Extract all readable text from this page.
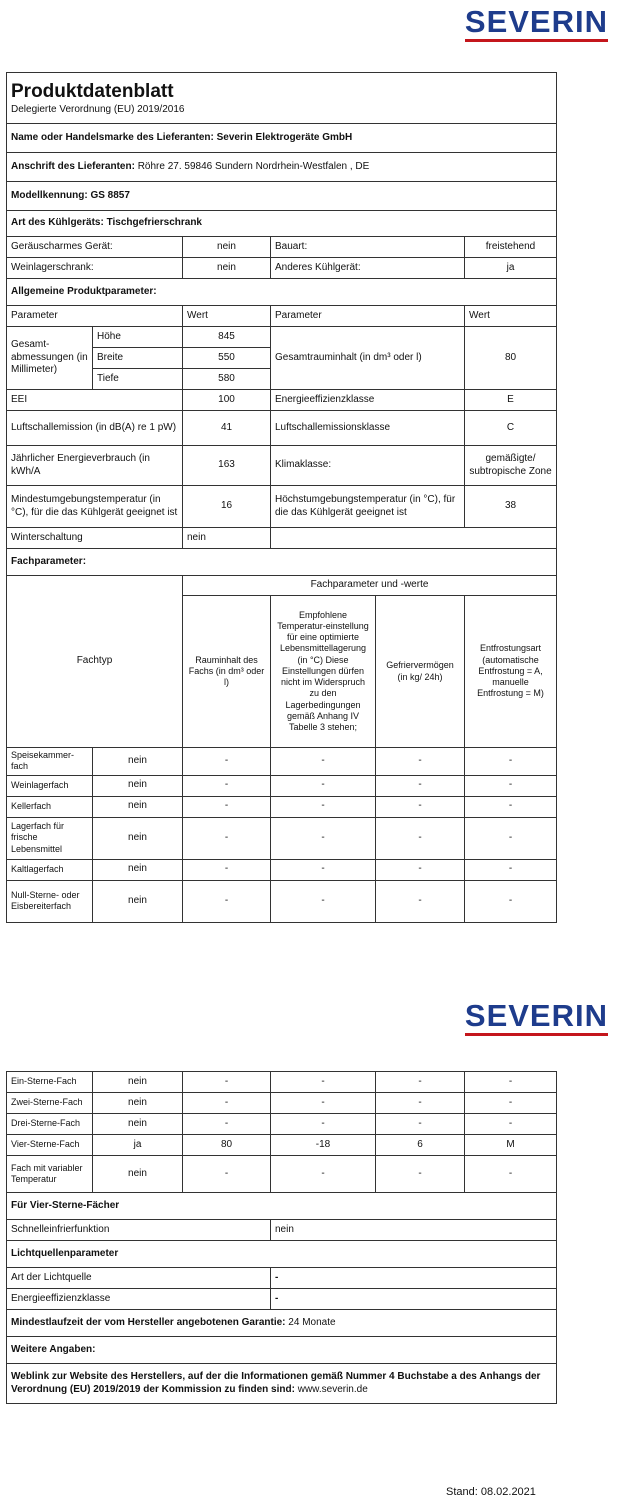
SEVERIN
Produktdatenblatt
Delegierte Verordnung (EU) 2019/2016					

Name oder Handelsmarke des Lieferanten: Severin Elektrogeräte GmbH					
Anschrift des Lieferanten: Röhre 27. 59846 Sundern Nordrhein-Westfalen , DE					
Modellkennung: GS 8857					
Art des Kühlgeräts: Tischgefrierschrank					
Geräuscharmes Gerät:		nein	Bauart:		freistehend
Weinlagerschrank:		nein	Anderes Kühlgerät:		ja
Allgemeine Produktparameter:					
Parameter		Wert	Parameter		Wert
Gesamt-abmessungen (in Millimeter)	Höhe	845	Gesamtrauminhalt (in dm³ oder l)		80
	Breite	550			
	Tiefe	580			
EEI		100	Energieeffizienzklasse		E
Luftschallemission (in dB(A) re 1 pW)		41	Luftschallemissionsklasse		C
Jährlicher Energieverbrauch (in kWh/A		163	Klimaklasse:		gemäßigte/ subtropische Zone
Mindestumgebungstemperatur (in °C), für die das Kühlgerät geeignet ist		16	Höchstumgebungstemperatur (in °C), für die das Kühlgerät geeignet ist		38
Winterschaltung		nein			
Fachparameter:					
Fachtyp		Fachparameter und -werte			
		Rauminhalt des Fachs (in dm³ oder l)	Empfohlene Temperatur-einstellung für eine optimierte Lebensmittellagerung (in °C) Diese Einstellungen dürfen nicht im Widerspruch zu den Lagerbedingungen gemäß Anhang IV Tabelle 3 stehen;	Gefriervermögen (in kg/ 24h)	Entfrostungsart (automatische Entfrostung = A, manuelle Entfrostung = M)
Speisekammer-fach	nein	-	-	-	-
Weinlagerfach	nein	-	-	-	-
Kellerfach	nein	-	-	-	-
Lagerfach für frische Lebensmittel	nein	-	-	-	-
Kaltlagerfach	nein	-	-	-	-
Null-Sterne- oder Eisbereiterfach	nein	-	-	-	-
SEVERIN
Ein-Sterne-Fach	nein	-	-	-	-
Zwei-Sterne-Fach	nein	-	-	-	-
Drei-Sterne-Fach	nein	-	-	-	-
Vier-Sterne-Fach	ja	80	-18	6	M
Fach mit variabler Temperatur	nein	-	-	-	-
Für Vier-Sterne-Fächer					
Schnelleinfrierfunktion			nein		
Lichtquellenparameter					
Art der Lichtquelle			-		
Energieeffizienzklasse			-		
Mindestlaufzeit der vom Hersteller angebotenen Garantie: 24 Monate					
Weitere Angaben:					
Weblink zur Website des Herstellers, auf der die Informationen gemäß Nummer 4 Buchstabe a des Anhangs der Verordnung (EU) 2019/2019 der Kommission zu finden sind: www.severin.de					
Stand: 08.02.2021
